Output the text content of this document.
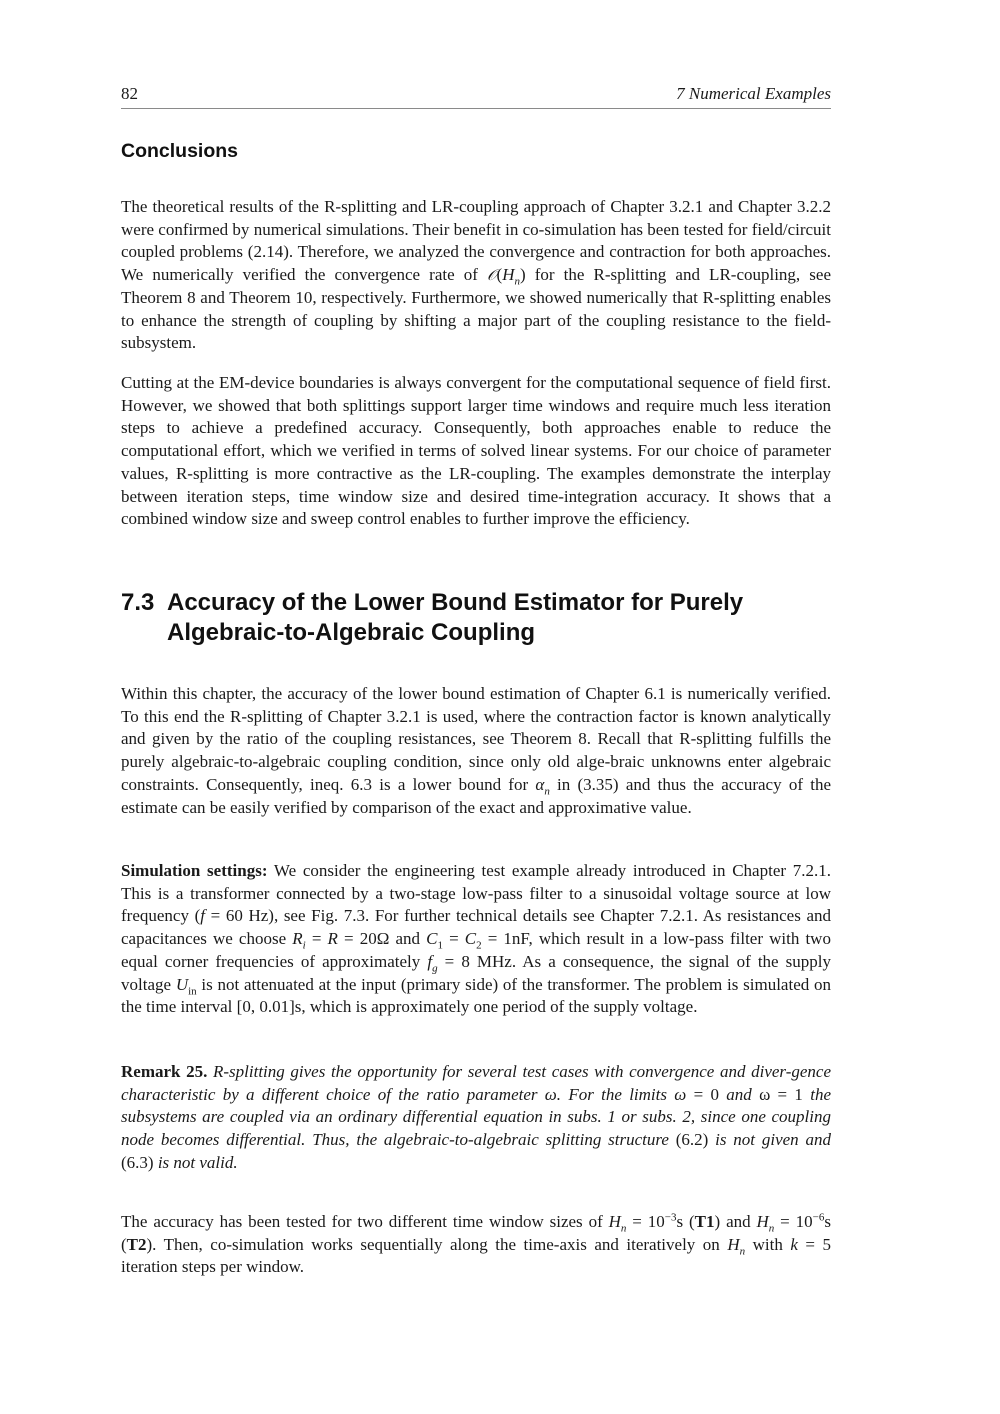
82	7 Numerical Examples
Conclusions

The theoretical results of the R-splitting and LR-coupling approach of Chapter 3.2.1 and Chapter 3.2.2 were confirmed by numerical simulations. Their benefit in co-simulation has been tested for field/circuit coupled problems (2.14). Therefore, we analyzed the convergence and contraction for both approaches. We numerically verified the convergence rate of $𝒪(H_n)$ for the R-splitting and LR-coupling, see Theorem 8 and Theorem 10, respectively. Furthermore, we showed numerically that R-splitting enables to enhance the strength of coupling by shifting a major part of the coupling resistance to the field-subsystem.

Cutting at the EM-device boundaries is always convergent for the computational sequence of field first. However, we showed that both splittings support larger time windows and require much less iteration steps to achieve a predefined accuracy. Consequently, both approaches enable to reduce the computational effort, which we verified in terms of solved linear systems. For our choice of parameter values, R-splitting is more contractive as the LR-coupling. The examples demonstrate the interplay between iteration steps, time window size and desired time-integration accuracy. It shows that a combined window size and sweep control enables to further improve the efficiency.

7.3 Accuracy of the Lower Bound Estimator for Purely
Algebraic-to-Algebraic Coupling

Within this chapter, the accuracy of the lower bound estimation of Chapter 6.1 is numerically verified. To this end the R-splitting of Chapter 3.2.1 is used, where the contraction factor is known analytically and given by the ratio of the coupling resistances, see Theorem 8. Recall that R-splitting fulfills the purely algebraic-to-algebraic coupling condition, since only old alge-braic unknowns enter algebraic constraints. Consequently, ineq. 6.3 is a lower bound for $\alpha_n$ in (3.35) and thus the accuracy of the estimate can be easily verified by comparison of the exact and approximative value.

Simulation settings: We consider the engineering test example already introduced in Chapter 7.2.1. This is a transformer connected by a two-stage low-pass filter to a sinusoidal voltage source at low frequency (f = 60 Hz), see Fig. 7.3. For further technical details see Chapter 7.2.1. As resistances and capacitances we choose $R_i = R = 20\Omega$ and $C_1 = C_2 = 1nF$, which result in a low-pass filter with two equal corner frequencies of approximately $f_g = 8$ MHz. As a consequence, the signal of the supply voltage $U_{in}$ is not attenuated at the input (primary side) of the transformer. The problem is simulated on the time interval [0, 0.01]s, which is approximately one period of the supply voltage.

Remark 25. R-splitting gives the opportunity for several test cases with convergence and diver-gence characteristic by a different choice of the ratio parameter ω. For the limits ω = 0 and ω = 1 the subsystems are coupled via an ordinary differential equation in subs. 1 or subs. 2, since one coupling node becomes differential. Thus, the algebraic-to-algebraic splitting structure (6.2) is not given and (6.3) is not valid.

The accuracy has been tested for two different time window sizes of $H_n = 10^{-3}s$ (T1) and $H_n = 10^{-6}s$ (T2). Then, co-simulation works sequentially along the time-axis and iteratively on $H_n$ with k = 5 iteration steps per window.
